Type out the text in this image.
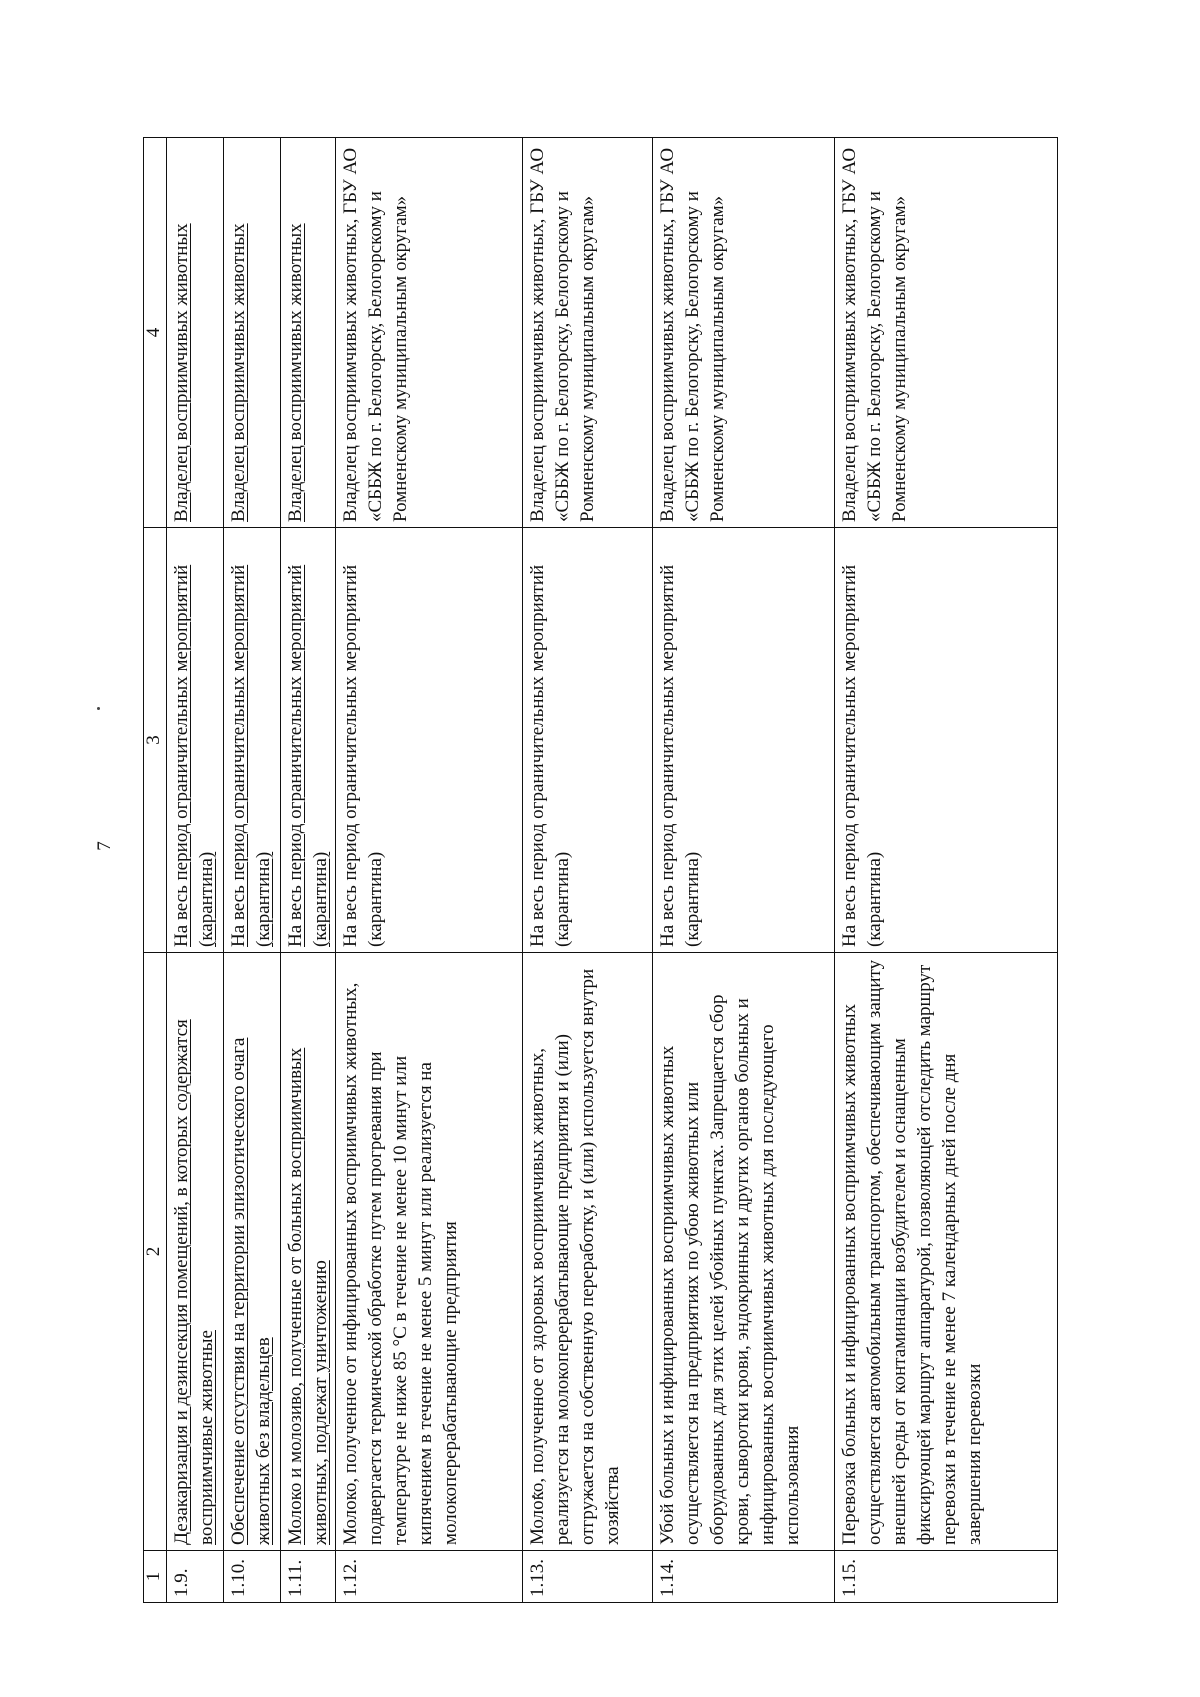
7
1	2	3	4
1.9.	Дезакаризация и дезинсекция помещений, в которых содержатся восприимчивые животные	На весь период ограничительных мероприятий (карантина)	Владелец восприимчивых животных

1.10.	Обеспечение отсутствия на территории эпизоотического очага животных без владельцев	На весь период ограничительных мероприятий (карантина)	Владелец восприимчивых животных

1.11.	Молоко и молозиво, полученные от больных восприимчивых животных, подлежат уничтожению	На весь период ограничительных мероприятий (карантина)	Владелец восприимчивых животных

1.12.	Молоко, полученное от инфицированных восприимчивых животных, подвергается термической обработке путем прогревания при температуре не ниже 85 °С в течение не менее 10 минут или кипячением в течение не менее 5 минут или реализуется на молокоперерабатывающие предприятия	На весь период ограничительных мероприятий (карантина)	Владелец восприимчивых животных, ГБУ АО «СББЖ по г. Белогорску, Белогорскому и Ромненскому муниципальным округам»
1.13.	Молоко, полученное от здоровых восприимчивых животных, реализуется на молокоперерабатывающие предприятия и (или) отгружается на собственную переработку, и (или) используется внутри хозяйства	На весь период ограничительных мероприятий (карантина)	Владелец восприимчивых животных, ГБУ АО «СББЖ по г. Белогорску, Белогорскому и Ромненскому муниципальным округам»
1.14.	Убой больных и инфицированных восприимчивых животных осуществляется на предприятиях по убою животных или оборудованных для этих целей убойных пунктах. Запрещается сбор крови, сыворотки крови, эндокринных и других органов больных и инфицированных восприимчивых животных для последующего использования	На весь период ограничительных мероприятий (карантина)	Владелец восприимчивых животных, ГБУ АО «СББЖ по г. Белогорску, Белогорскому и Ромненскому муниципальным округам»
1.15.	Перевозка больных и инфицированных восприимчивых животных осуществляется автомобильным транспортом, обеспечивающим защиту внешней среды от контаминации возбудителем и оснащенным фиксирующей маршрут аппаратурой, позволяющей отследить маршрут перевозки в течение не менее 7 календарных дней после дня завершения перевозки	На весь период ограничительных мероприятий (карантина)	Владелец восприимчивых животных, ГБУ АО «СББЖ по г. Белогорску, Белогорскому и Ромненскому муниципальным округам»
